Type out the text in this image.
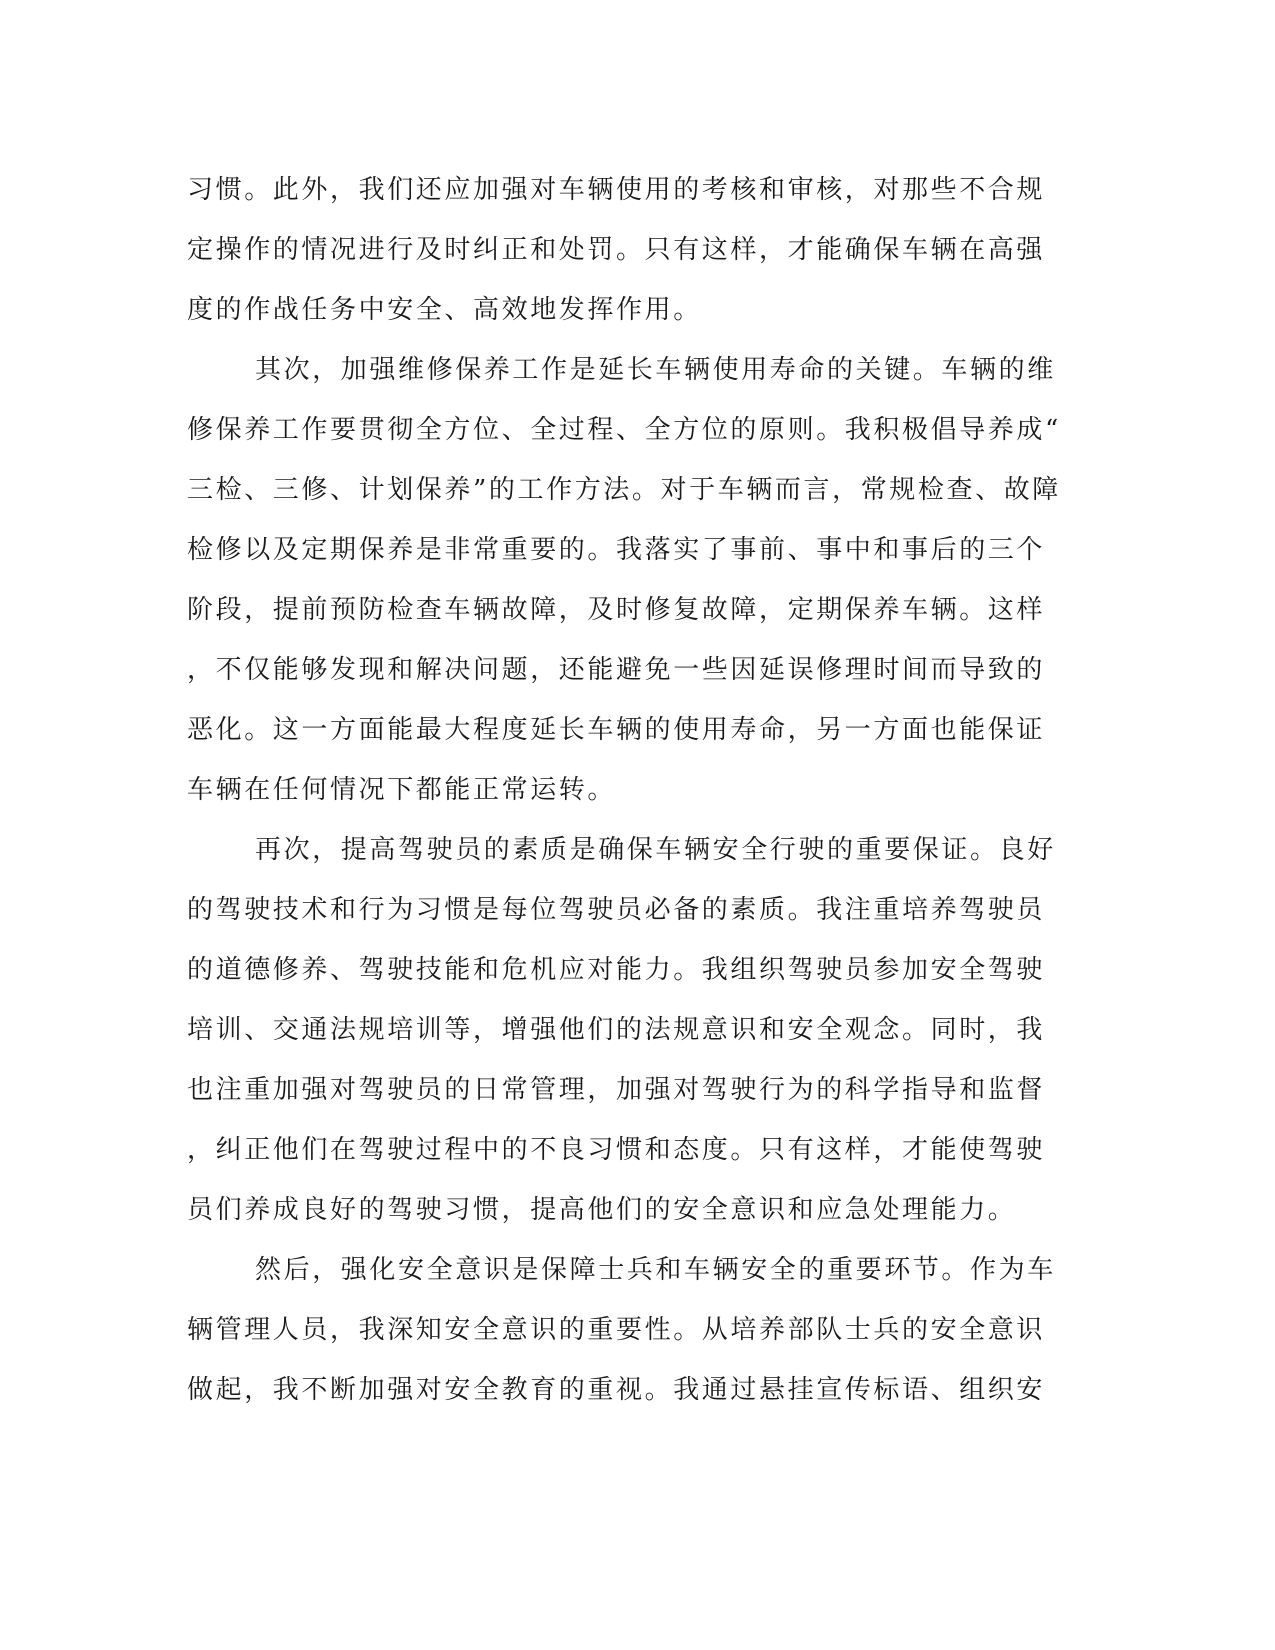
习惯。此外，我们还应加强对车辆使用的考核和审核，对那些不合规
定操作的情况进行及时纠正和处罚。只有这样，才能确保车辆在高强
度的作战任务中安全、高效地发挥作用。
其次，加强维修保养工作是延长车辆使用寿命的关键。车辆的维
修保养工作要贯彻全方位、全过程、全方位的原则。我积极倡导养成“
三检、三修、计划保养”的工作方法。对于车辆而言，常规检查、故障
检修以及定期保养是非常重要的。我落实了事前、事中和事后的三个
阶段，提前预防检查车辆故障，及时修复故障，定期保养车辆。这样
，不仅能够发现和解决问题，还能避免一些因延误修理时间而导致的
恶化。这一方面能最大程度延长车辆的使用寿命，另一方面也能保证
车辆在任何情况下都能正常运转。
再次，提高驾驶员的素质是确保车辆安全行驶的重要保证。良好
的驾驶技术和行为习惯是每位驾驶员必备的素质。我注重培养驾驶员
的道德修养、驾驶技能和危机应对能力。我组织驾驶员参加安全驾驶
培训、交通法规培训等，增强他们的法规意识和安全观念。同时，我
也注重加强对驾驶员的日常管理，加强对驾驶行为的科学指导和监督
，纠正他们在驾驶过程中的不良习惯和态度。只有这样，才能使驾驶
员们养成良好的驾驶习惯，提高他们的安全意识和应急处理能力。
然后，强化安全意识是保障士兵和车辆安全的重要环节。作为车
辆管理人员，我深知安全意识的重要性。从培养部队士兵的安全意识
做起，我不断加强对安全教育的重视。我通过悬挂宣传标语、组织安
